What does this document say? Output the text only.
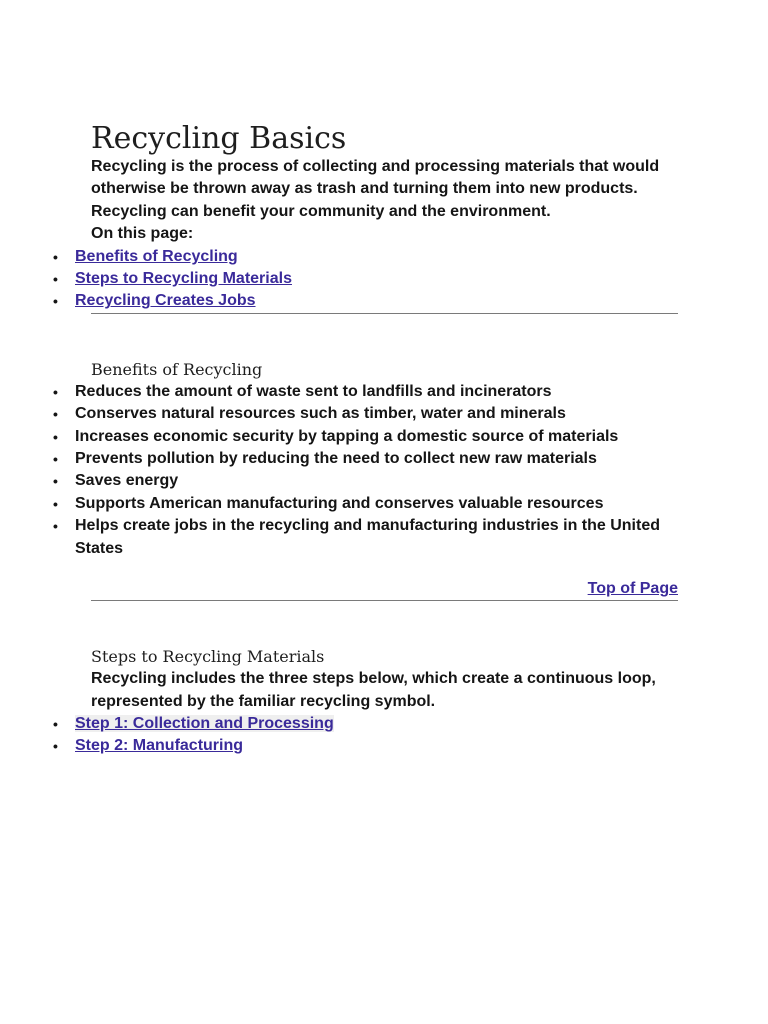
Recycling Basics

Recycling is the process of collecting and processing materials that would otherwise be thrown away as trash and turning them into new products. Recycling can benefit your community and the environment.

On this page:

• Benefits of Recycling
• Steps to Recycling Materials
• Recycling Creates Jobs
Benefits of Recycling
• Reduces the amount of waste sent to landfills and incinerators
• Conserves natural resources such as timber, water and minerals
• Increases economic security by tapping a domestic source of materials
• Prevents pollution by reducing the need to collect new raw materials
• Saves energy
• Supports American manufacturing and conserves valuable resources
• Helps create jobs in the recycling and manufacturing industries in the United States
Top of Page
Steps to Recycling Materials

Recycling includes the three steps below, which create a continuous loop, represented by the familiar recycling symbol.

• Step 1: Collection and Processing
• Step 2: Manufacturing
